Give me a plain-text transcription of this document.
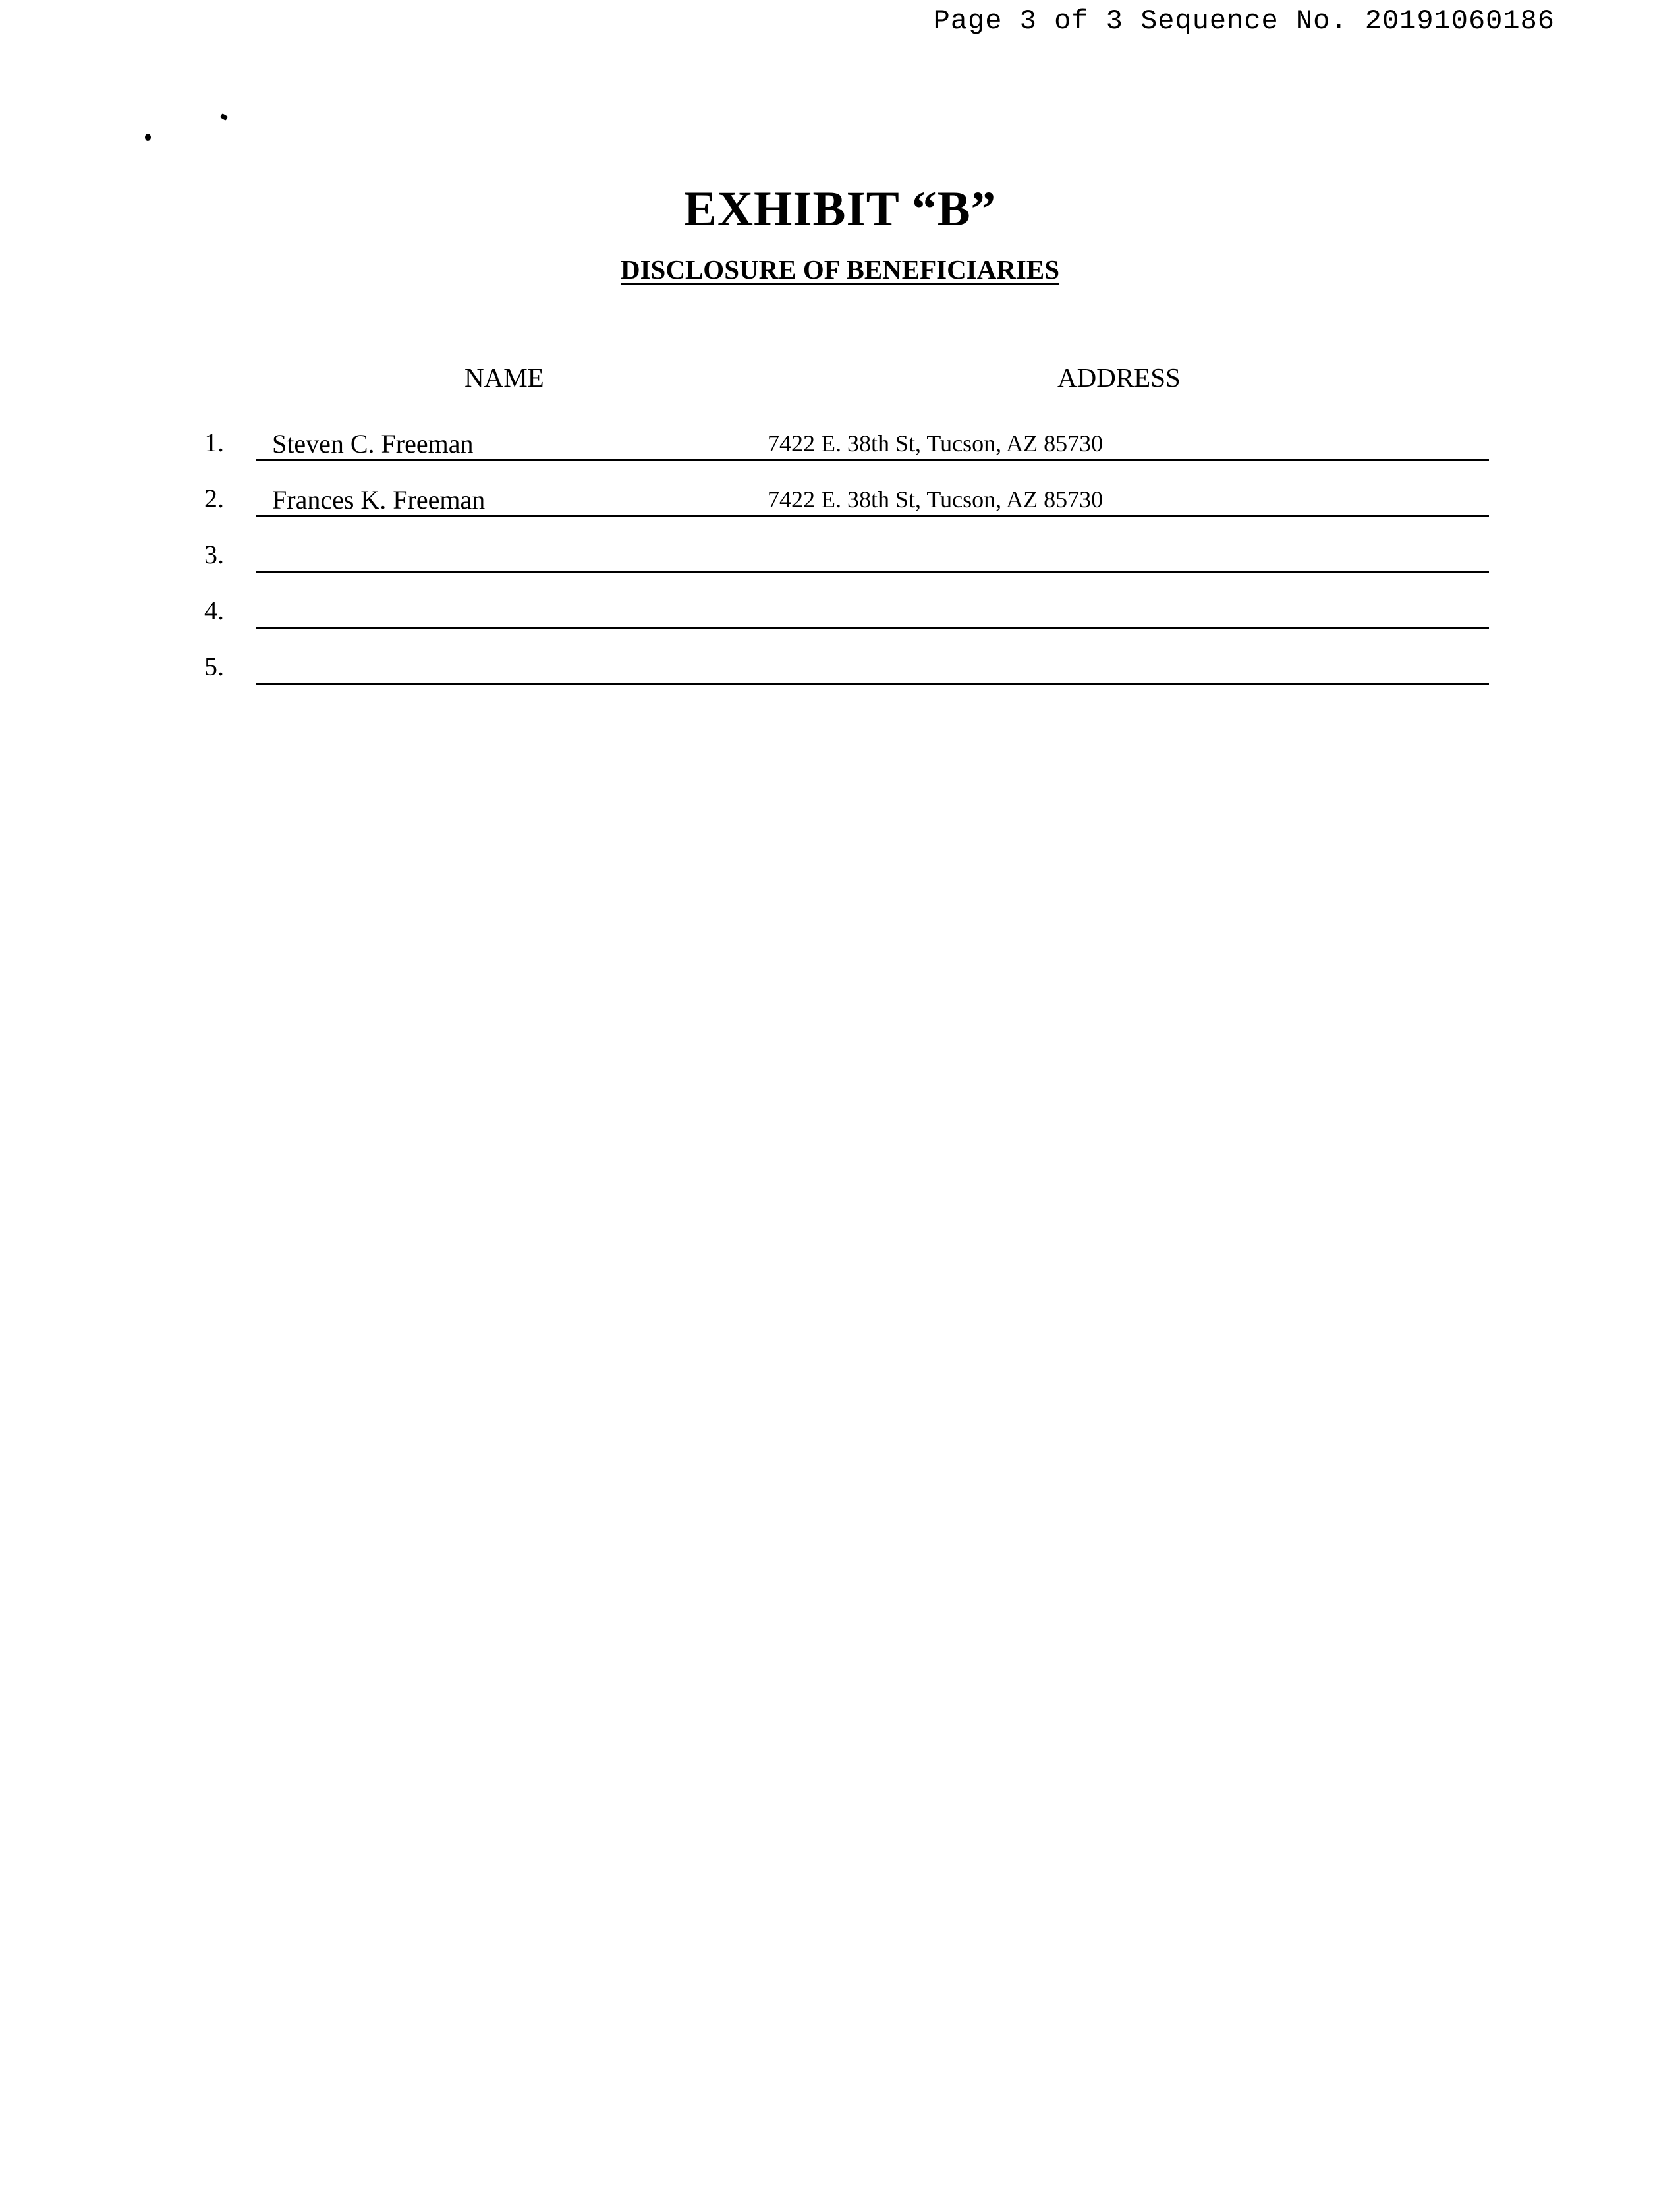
Page 3 of 3 Sequence No. 20191060186
EXHIBIT “B”
DISCLOSURE OF BENEFICIARIES
NAME	ADDRESS
1. Steven C. Freeman	7422 E. 38th St, Tucson, AZ 85730
2. Frances K. Freeman	7422 E. 38th St, Tucson, AZ 85730
3.
4.
5.
